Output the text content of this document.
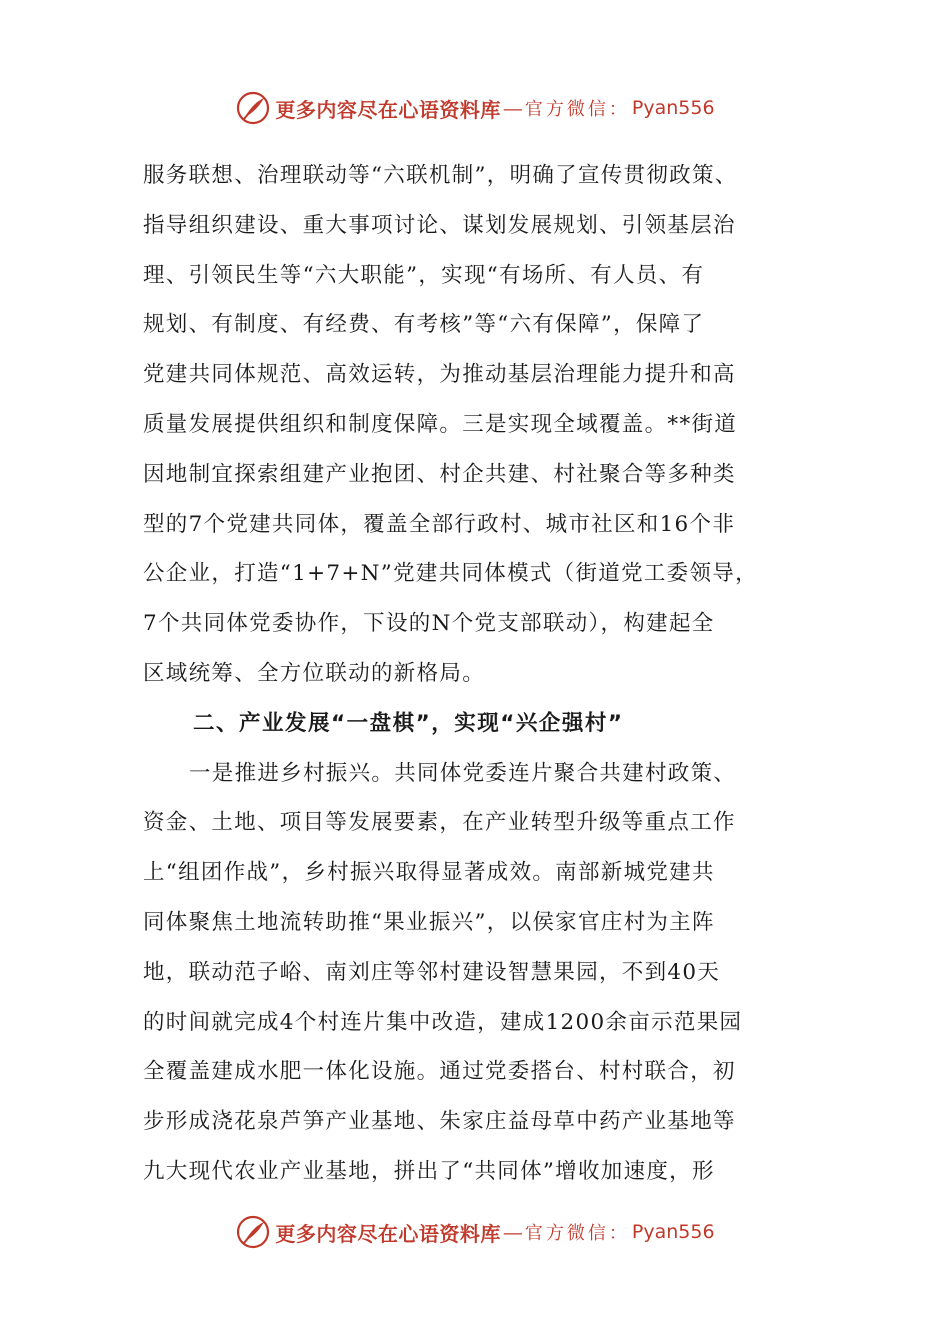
更多内容尽在心语资料库 — 官方微信： Pyan556
服务联想、治理联动等“六联机制”，明确了宣传贯彻政策、
指导组织建设、重大事项讨论、谋划发展规划、引领基层治
理、引领民生等“六大职能”，实现“有场所、有人员、有
规划、有制度、有经费、有考核”等“六有保障”，保障了
党建共同体规范、高效运转，为推动基层治理能力提升和高
质量发展提供组织和制度保障。三是实现全域覆盖。**街道
因地制宜探索组建产业抱团、村企共建、村社聚合等多种类
型的7个党建共同体，覆盖全部行政村、城市社区和16个非
公企业，打造“1+7+N”党建共同体模式（街道党工委领导，
7个共同体党委协作，下设的N个党支部联动），构建起全
区域统筹、全方位联动的新格局。
二、产业发展“一盘棋”，实现“兴企强村”
一是推进乡村振兴。共同体党委连片聚合共建村政策、
资金、土地、项目等发展要素，在产业转型升级等重点工作
上“组团作战”，乡村振兴取得显著成效。南部新城党建共
同体聚焦土地流转助推“果业振兴”，以侯家官庄村为主阵
地，联动范子峪、南刘庄等邻村建设智慧果园，不到40天
的时间就完成4个村连片集中改造，建成1200余亩示范果园
全覆盖建成水肥一体化设施。通过党委搭台、村村联合，初
步形成浇花泉芦笋产业基地、朱家庄益母草中药产业基地等
九大现代农业产业基地，拼出了“共同体”增收加速度，形
更多内容尽在心语资料库 — 官方微信： Pyan556
